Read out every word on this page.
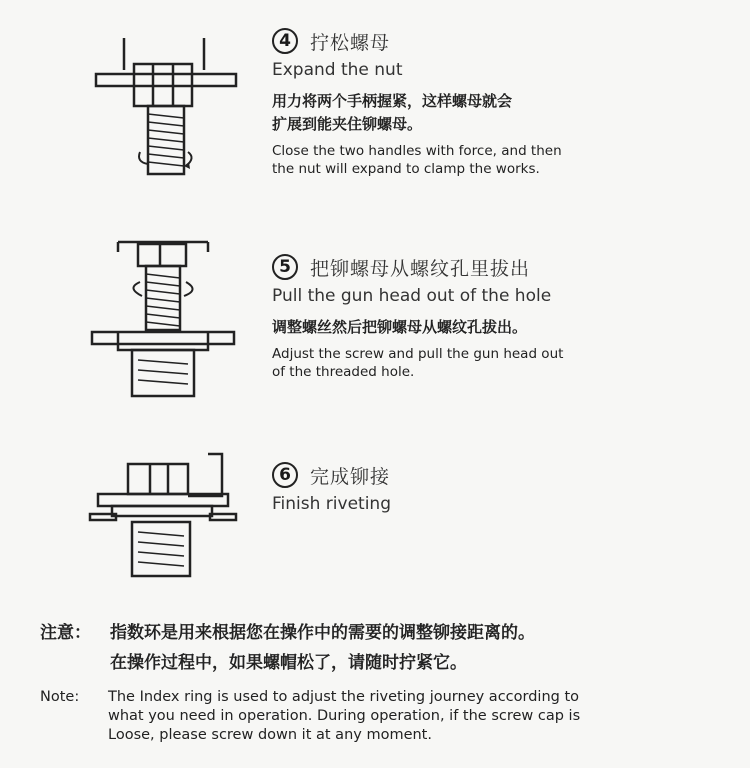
4	拧松螺母
Expand the nut
用力将两个手柄握紧，这样螺母就会
扩展到能夹住铆螺母。
Close the two handles with force, and then
the nut will expand to clamp the works.
5	把铆螺母从螺纹孔里拔出
Pull the gun head out of the hole
调整螺丝然后把铆螺母从螺纹孔拔出。
Adjust the screw and pull the gun head out
of the threaded hole.
6	完成铆接
Finish riveting
注意：	指数环是用来根据您在操作中的需要的调整铆接距离的。
在操作过程中，如果螺帽松了，请随时拧紧它。
Note:	The Index ring is used to adjust the riveting journey according to
what you need in operation. During operation, if the screw cap is
Loose, please screw down it at any moment.
